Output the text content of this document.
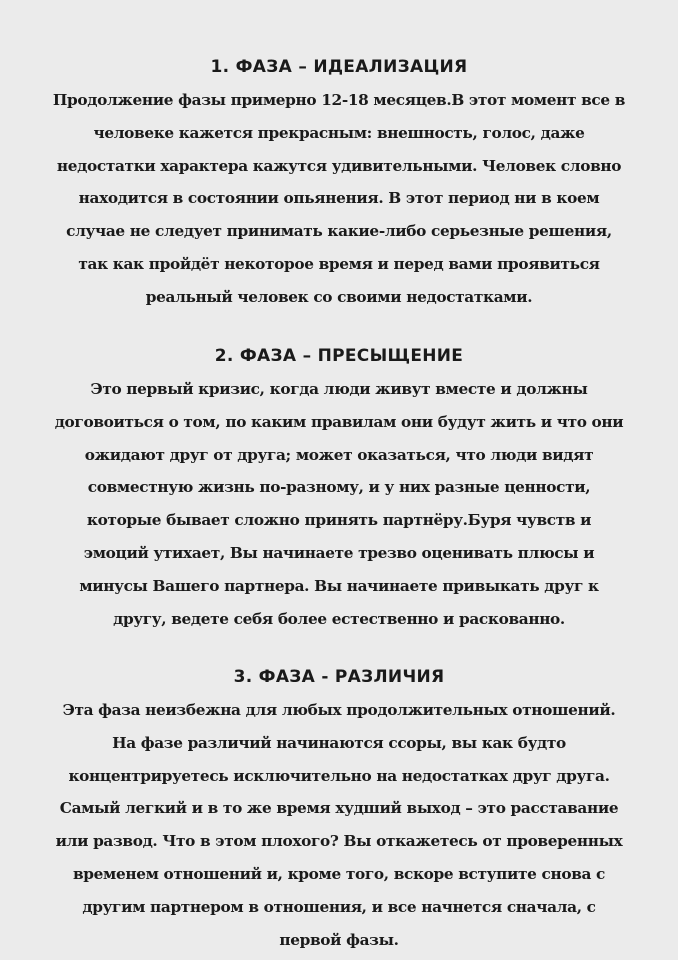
1. ФАЗА – ИДЕАЛИЗАЦИЯ

Продолжение фазы примерно 12-18 месяцев.В этот момент все в
человеке кажется прекрасным: внешность, голос, даже
недостатки характера кажутся удивительными. Человек словно
находится в состоянии опьянения. В этот период ни в коем
случае не следует принимать какие-либо серьезные решения,
так как пройдёт некоторое время и перед вами проявиться
реальный человек со своими недостатками.

2. ФАЗА – ПРЕСЫЩЕНИЕ

Это первый кризис, когда люди живут вместе и должны
договоиться о том, по каким правилам они будут жить и что они
ожидают друг от друга; может оказаться, что люди видят
совместную жизнь по-разному, и у них разные ценности,
которые бывает сложно принять партнёру.Буря чувств и
эмоций утихает, Вы начинаете трезво оценивать плюсы и
минусы Вашего партнера. Вы начинаете привыкать друг к
другу, ведете себя более естественно и раскованно.

3. ФАЗА - РАЗЛИЧИЯ

Эта фаза неизбежна для любых продолжительных отношений.
На фазе различий начинаются ссоры, вы как будто
концентрируетесь исключительно на недостатках друг друга.
Самый легкий и в то же время худший выход – это расставание
или развод. Что в этом плохого? Вы откажетесь от проверенных
временем отношений и, кроме того, вскоре вступите снова с
другим партнером в отношения, и все начнется сначала, с
первой фазы.
